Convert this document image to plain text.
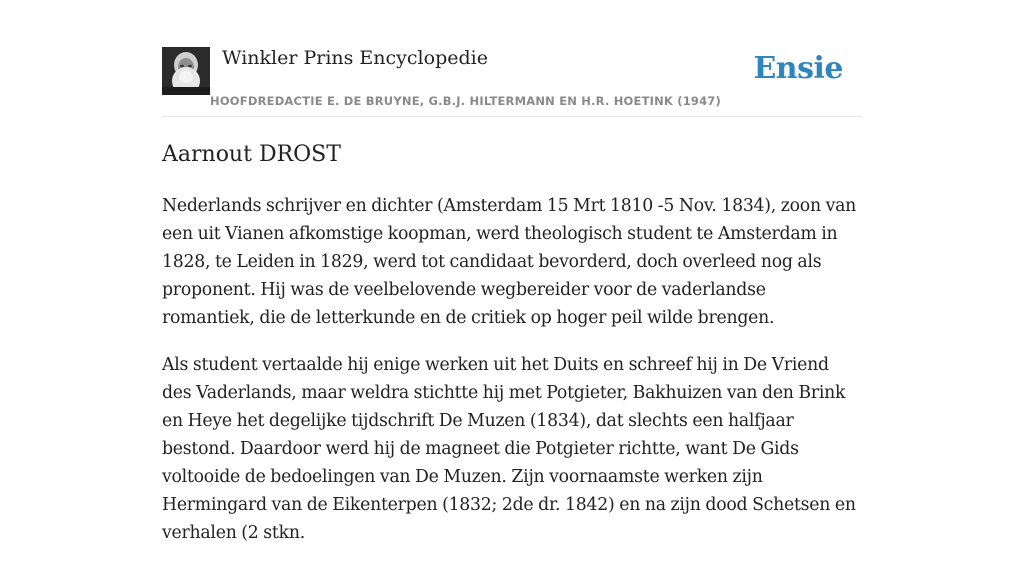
Winkler Prins Encyclopedie
HOOFDREDACTIE E. DE BRUYNE, G.B.J. HILTERMANN EN H.R. HOETINK (1947)
Ensie
Aarnout DROST

Nederlands schrijver en dichter (Amsterdam 15 Mrt 1810 -5 Nov. 1834), zoon van een uit Vianen afkomstige koopman, werd theologisch student te Amsterdam in 1828, te Leiden in 1829, werd tot candidaat bevorderd, doch overleed nog als proponent. Hij was de veelbelovende wegbereider voor de vaderlandse romantiek, die de letterkunde en de critiek op hoger peil wilde brengen.

Als student vertaalde hij enige werken uit het Duits en schreef hij in De Vriend des Vaderlands, maar weldra stichtte hij met Potgieter, Bakhuizen van den Brink en Heye het degelijke tijdschrift De Muzen (1834), dat slechts een halfjaar bestond. Daardoor werd hij de magneet die Potgieter richtte, want De Gids voltooide de bedoelingen van De Muzen. Zijn voornaamste werken zijn Hermingard van de Eikenterpen (1832; 2de dr. 1842) en na zijn dood Schetsen en verhalen (2 stkn.
